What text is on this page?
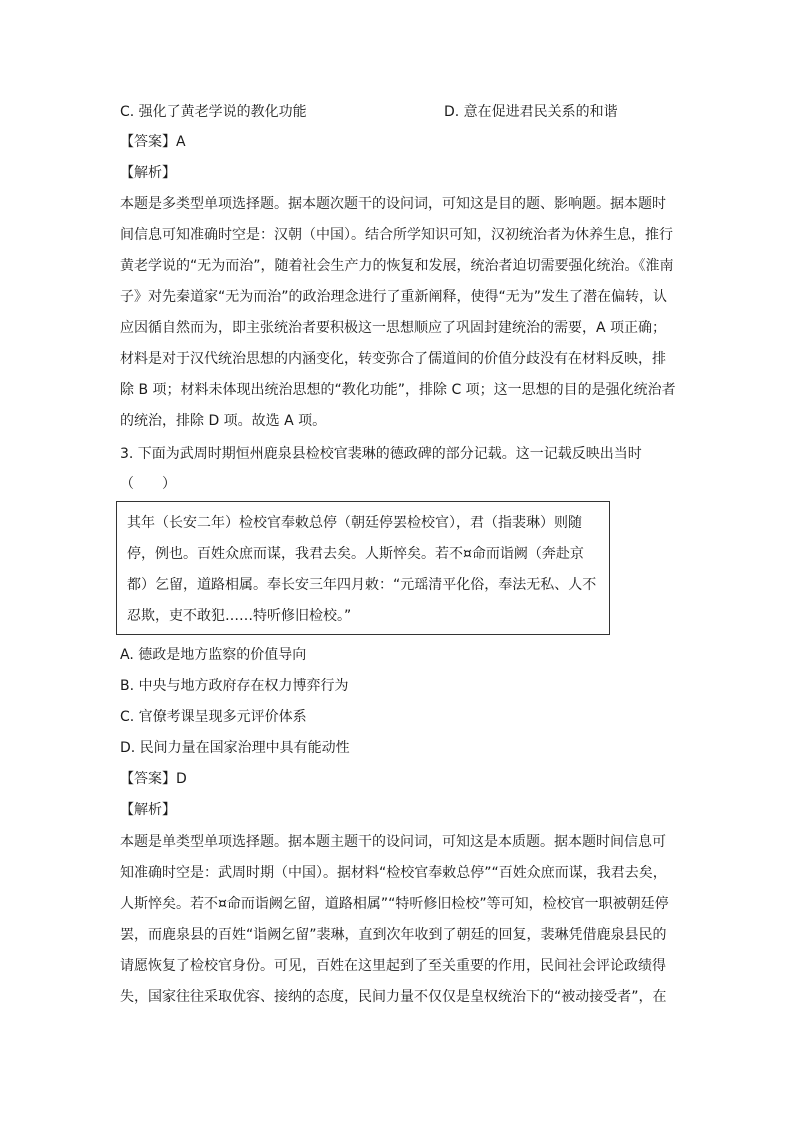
C. 强化了黄老学说的教化功能	D. 意在促进君民关系的和谐
【答案】A
【解析】
本题是多类型单项选择题。据本题次题干的设问词，可知这是目的题、影响题。据本题时
间信息可知准确时空是：汉朝（中国）。结合所学知识可知，汉初统治者为休养生息，推行
黄老学说的“无为而治”，随着社会生产力的恢复和发展，统治者迫切需要强化统治。《淮南
子》对先秦道家“无为而治”的政治理念进行了重新阐释，使得“无为”发生了潜在偏转，认
应因循自然而为，即主张统治者要积极这一思想顺应了巩固封建统治的需要，A 项正确；
材料是对于汉代统治思想的内涵变化，转变弥合了儒道间的价值分歧没有在材料反映，排
除 B 项；材料未体现出统治思想的“教化功能”，排除 C 项；这一思想的目的是强化统治者
的统治，排除 D 项。故选 A 项。
3. 下面为武周时期恒州鹿泉县检校官裴琳的德政碑的部分记载。这一记载反映出当时
（　　）
其年（长安二年）检校官奉敕总停（朝廷停罢检校官），君（指裴琳）则随
停，例也。百姓众庶而谋，我君去矣。人斯悴矣。若不¤命而诣阙（奔赴京
都）乞留，道路相属。奉长安三年四月敕：“元瑶清平化俗，奉法无私、人不
忍欺，吏不敢犯……特听修旧检校。”
A. 德政是地方监察的价值导向
B. 中央与地方政府存在权力博弈行为
C. 官僚考课呈现多元评价体系
D. 民间力量在国家治理中具有能动性
【答案】D
【解析】
本题是单类型单项选择题。据本题主题干的设问词，可知这是本质题。据本题时间信息可
知准确时空是：武周时期（中国）。据材料“检校官奉敕总停”“百姓众庶而谋，我君去矣，
人斯悴矣。若不¤命而诣阙乞留，道路相属”“特听修旧检校”等可知，检校官一职被朝廷停
罢，而鹿泉县的百姓“诣阙乞留”裴琳，直到次年收到了朝廷的回复，裴琳凭借鹿泉县民的
请愿恢复了检校官身份。可见，百姓在这里起到了至关重要的作用，民间社会评论政绩得
失，国家往往采取优容、接纳的态度，民间力量不仅仅是皇权统治下的“被动接受者”，在
